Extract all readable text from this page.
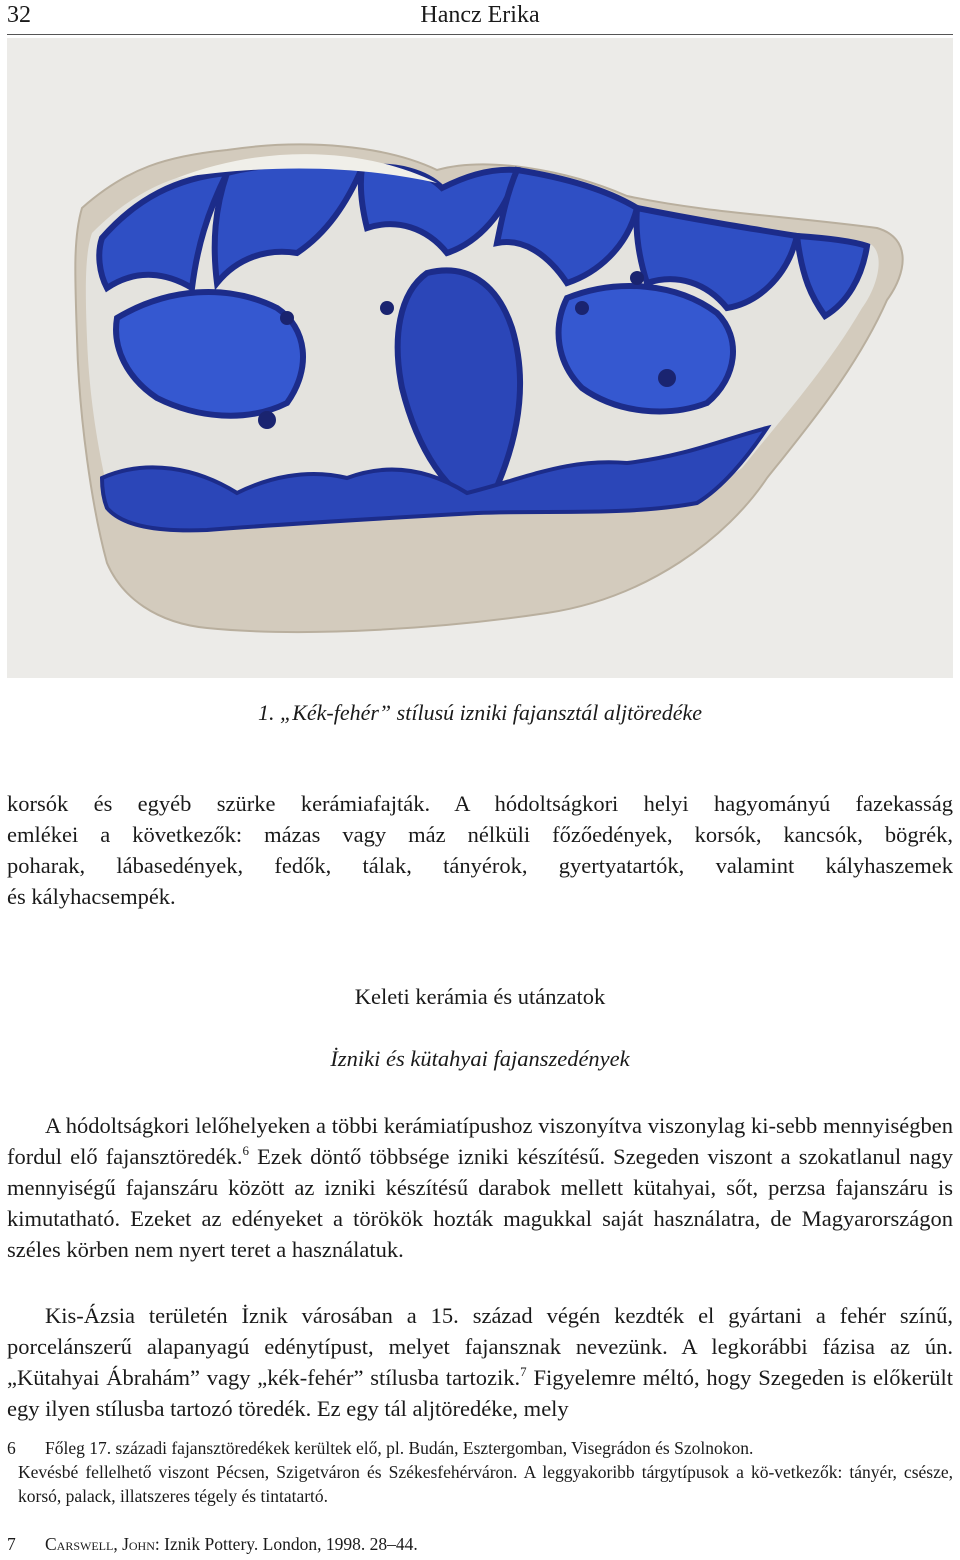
32	Hancz Erika
1. „Kék-fehér” stílusú izniki fajansztál aljtöredéke
korsók és egyéb szürke kerámiafajták. A hódoltságkori helyi hagyományú fazekasság
emlékei a következők: mázas vagy máz nélküli főzőedények, korsók, kancsók, bögrék,
poharak, lábasedények, fedők, tálak, tányérok, gyertyatartók, valamint kályhaszemek
és kályhacsempék.
Keleti kerámia és utánzatok
İzniki és kütahyai fajanszedények

A hódoltságkori lelőhelyeken a többi kerámiatípushoz viszonyítva viszonylag ki-sebb mennyiségben fordul elő fajansztöredék.$^6$ Ezek döntő többsége izniki készítésű. Szegeden viszont a szokatlanul nagy mennyiségű fajanszáru között az izniki készítésű darabok mellett kütahyai, sőt, perzsa fajanszáru is kimutatható. Ezeket az edényeket a törökök hozták magukkal saját használatra, de Magyarországon széles körben nem nyert teret a használatuk.

Kis-Ázsia területén İznik városában a 15. század végén kezdték el gyártani a fehér színű, porcelánszerű alapanyagú edénytípust, melyet fajansznak nevezünk. A legkorábbi fázisa az ún. „Kütahyai Ábrahám” vagy „kék-fehér” stílusba tartozik.$^7$ Figyelemre méltó, hogy Szegeden is előkerült egy ilyen stílusba tartozó töredék. Ez egy tál aljtöredéke, mely

6 Főleg 17. századi fajansztöredékek kerültek elő, pl. Budán, Esztergomban, Visegrádon és Szolnokon.
Kevésbé fellelhető viszont Pécsen, Szigetváron és Székesfehérváron. A leggyakoribb tárgytípusok a kö-vetkezők: tányér, csésze, korsó, palack, illatszeres tégely és tintatartó.
7 Carswell, John: Iznik Pottery. London, 1998. 28–44.
